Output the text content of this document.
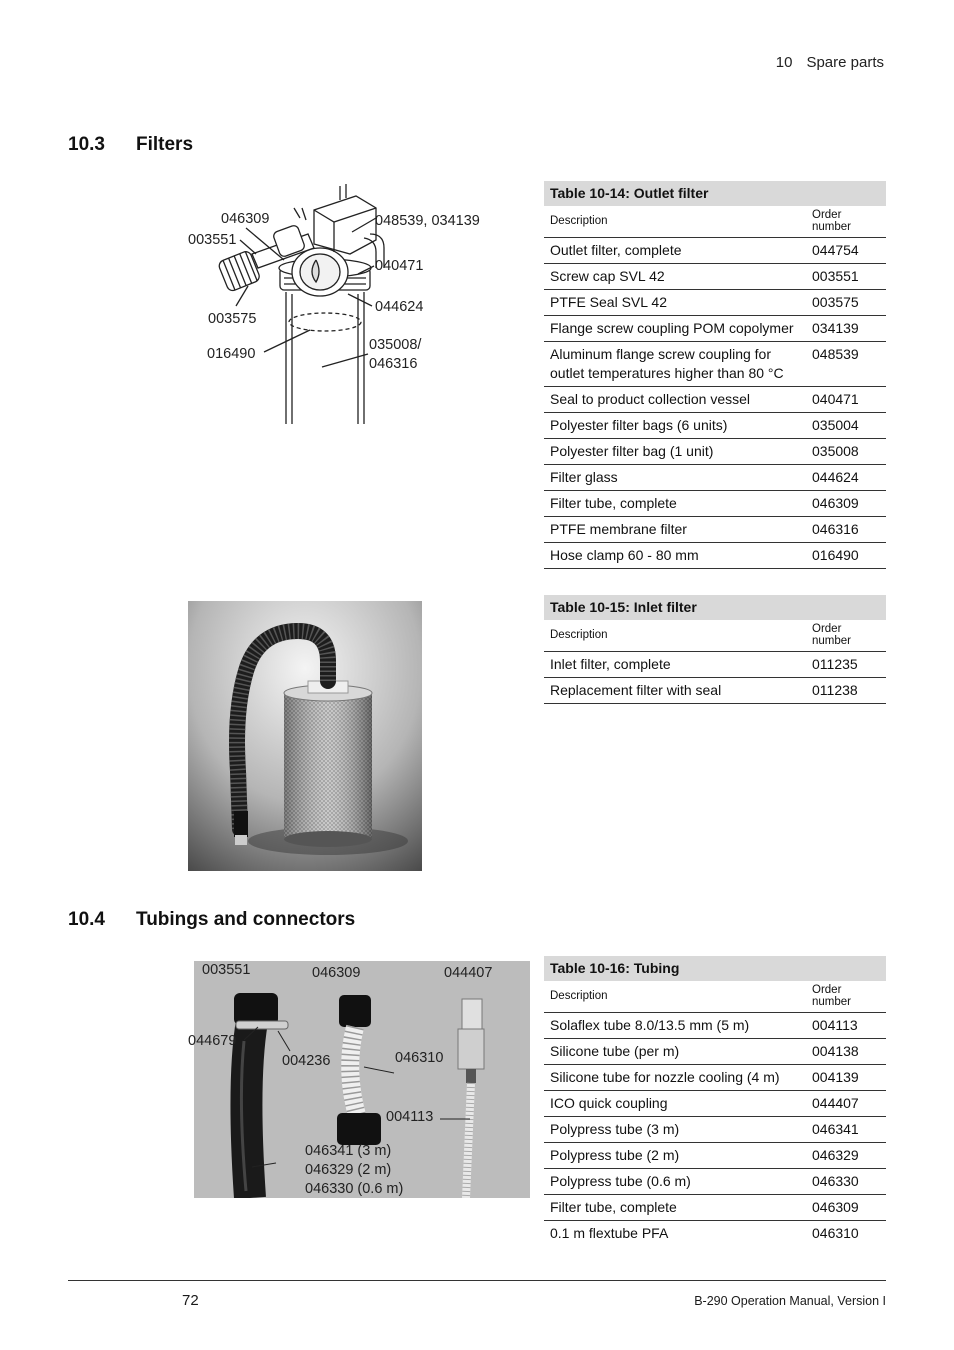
10 Spare parts
10.3 Filters
046309
003551
048539, 034139
040471
044624
003575
016490
035008/
046316
Table 10-14: Outlet filter
Description	Order number
Outlet filter, complete	044754
Screw cap SVL 42	003551
PTFE Seal SVL 42	003575
Flange screw coupling POM copolymer	034139
Aluminum flange screw coupling for outlet temperatures higher than 80 °C	048539
Seal to product collection vessel	040471
Polyester filter bags (6 units)	035004
Polyester filter bag (1 unit)	035008
Filter glass	044624
Filter tube, complete	046309
PTFE membrane filter	046316
Hose clamp 60 - 80 mm	016490
Table 10-15: Inlet filter
Description	Order number
Inlet filter, complete	011235
Replacement filter with seal	011238
10.4 Tubings and connectors
003551	046309	044407
044679
004236	046310
004113
046341 (3 m)
046329 (2 m)
046330 (0.6 m)
Table 10-16: Tubing
Description	Order number
Solaflex tube 8.0/13.5 mm (5 m)	004113
Silicone tube (per m)	004138
Silicone tube for nozzle cooling (4 m)	004139
ICO quick coupling	044407
Polypress tube (3 m)	046341
Polypress tube (2 m)	046329
Polypress tube (0.6 m)	046330
Filter tube, complete	046309
0.1 m flextube PFA	046310
72	B-290 Operation Manual, Version I
